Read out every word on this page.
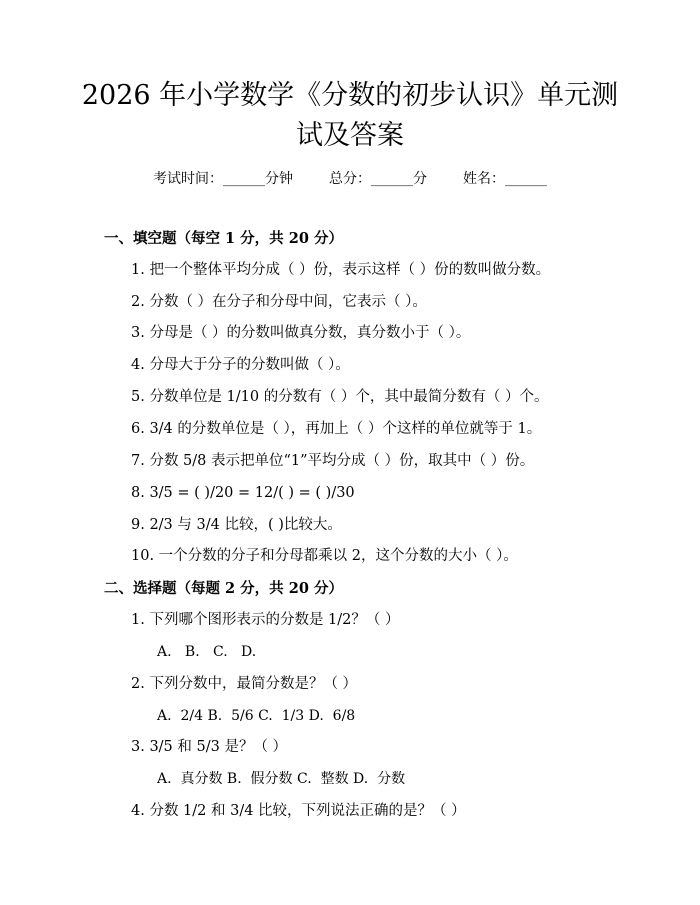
2026 年小学数学《分数的初步认识》单元测
试及答案
考试时间：______分钟	总分：______分	姓名：______
一、填空题（每空 1 分，共 20 分）
1. 把一个整体平均分成（ ）份，表示这样（ ）份的数叫做分数。
2. 分数（ ）在分子和分母中间，它表示（ ）。
3. 分母是（ ）的分数叫做真分数，真分数小于（ ）。
4. 分母大于分子的分数叫做（ ）。
5. 分数单位是 1/10 的分数有（ ）个，其中最简分数有（ ）个。
6. 3/4 的分数单位是（ ），再加上（ ）个这样的单位就等于 1。
7. 分数 5/8 表示把单位“1”平均分成（ ）份，取其中（ ）份。
8. 3/5 = ( )/20 = 12/( ) = ( )/30
9. 2/3 与 3/4 比较，( )比较大。
10. 一个分数的分子和分母都乘以 2，这个分数的大小（ ）。
二、选择题（每题 2 分，共 20 分）
1. 下列哪个图形表示的分数是 1/2？（ ）
A.   B.   C.   D.
2. 下列分数中，最简分数是？（ ）
A.  2/4 B.  5/6 C.  1/3 D.  6/8
3. 3/5 和 5/3 是？（ ）
A.  真分数 B.  假分数 C.  整数 D.  分数
4. 分数 1/2 和 3/4 比较，下列说法正确的是？（ ）
